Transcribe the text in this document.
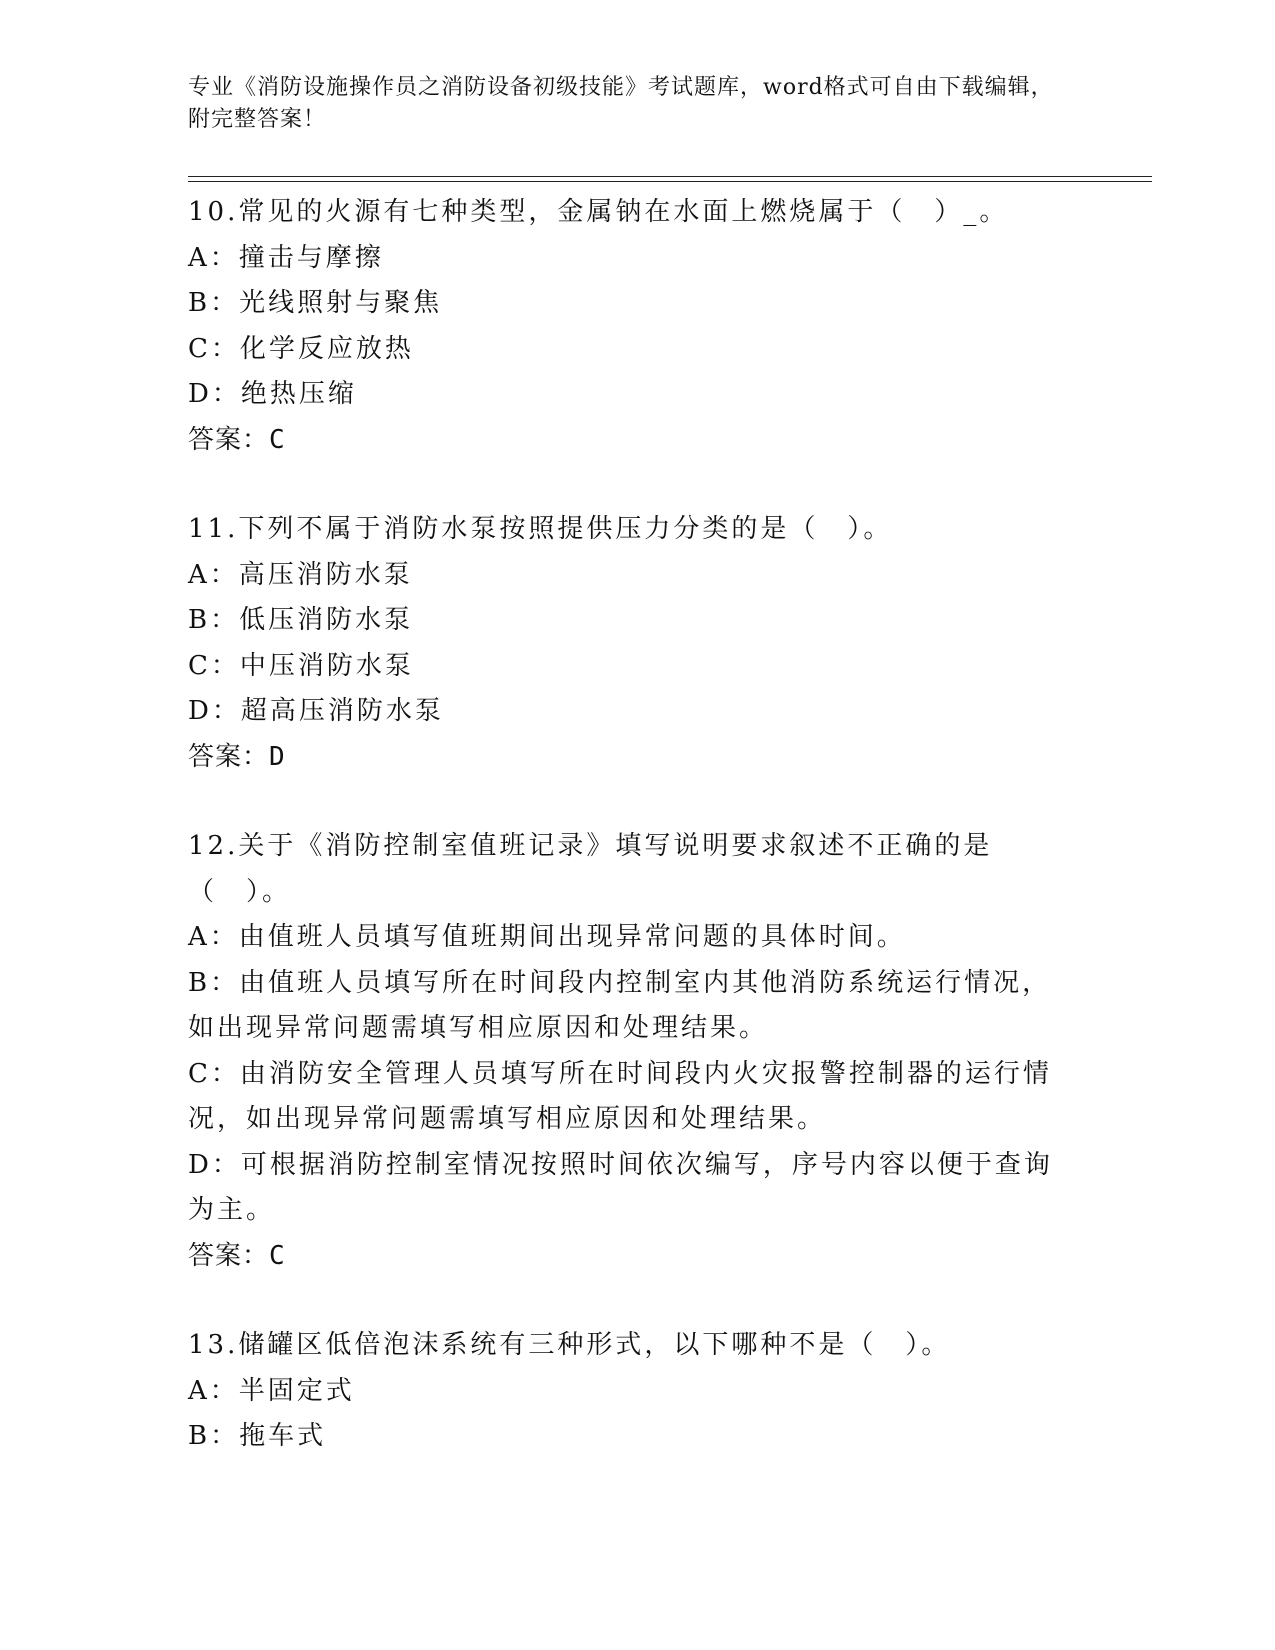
专业《消防设施操作员之消防设备初级技能》考试题库，word格式可自由下载编辑，附完整答案！
10.常见的火源有七种类型，金属钠在水面上燃烧属于（　）_。
A：撞击与摩擦
B：光线照射与聚焦
C：化学反应放热
D：绝热压缩
答案：C
11.下列不属于消防水泵按照提供压力分类的是（　）。
A：高压消防水泵
B：低压消防水泵
C：中压消防水泵
D：超高压消防水泵
答案：D
12.关于《消防控制室值班记录》填写说明要求叙述不正确的是（　）。
A：由值班人员填写值班期间出现异常问题的具体时间。
B：由值班人员填写所在时间段内控制室内其他消防系统运行情况，如出现异常问题需填写相应原因和处理结果。
C：由消防安全管理人员填写所在时间段内火灾报警控制器的运行情况，如出现异常问题需填写相应原因和处理结果。
D：可根据消防控制室情况按照时间依次编写，序号内容以便于查询为主。
答案：C
13.储罐区低倍泡沫系统有三种形式，以下哪种不是（　）。
A：半固定式
B：拖车式
